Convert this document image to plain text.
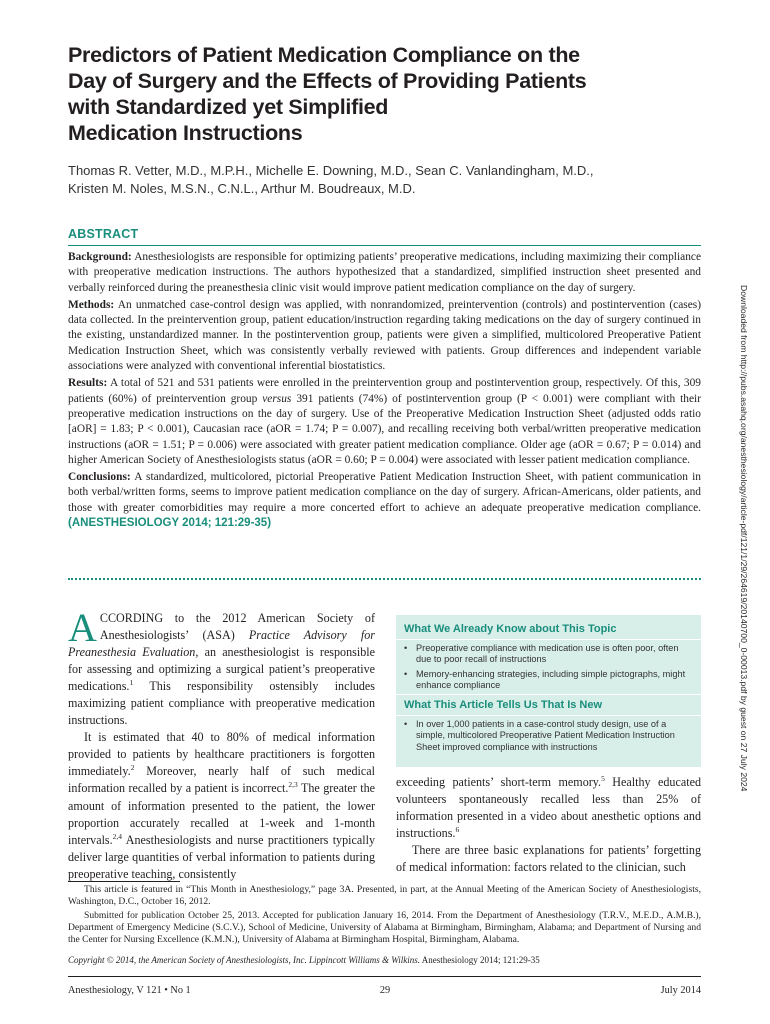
Predictors of Patient Medication Compliance on the
Day of Surgery and the Effects of Providing Patients
with Standardized yet Simplified
Medication Instructions
Thomas R. Vetter, M.D., M.P.H., Michelle E. Downing, M.D., Sean C. Vanlandingham, M.D.,
Kristen M. Noles, M.S.N., C.N.L., Arthur M. Boudreaux, M.D.
ABSTRACT

Background: Anesthesiologists are responsible for optimizing patients’ preoperative medications, including maximizing their compliance with preoperative medication instructions. The authors hypothesized that a standardized, simplified instruction sheet presented and verbally reinforced during the preanesthesia clinic visit would improve patient medication compliance on the day of surgery.

Methods: An unmatched case-control design was applied, with nonrandomized, preintervention (controls) and postintervention (cases) data collected. In the preintervention group, patient education/instruction regarding taking medications on the day of surgery continued in the existing, unstandardized manner. In the postintervention group, patients were given a simplified, multicolored Preoperative Patient Medication Instruction Sheet, which was consistently verbally reviewed with patients. Group differences and independent variable associations were analyzed with conventional inferential biostatistics.

Results: A total of 521 and 531 patients were enrolled in the preintervention group and postintervention group, respectively. Of this, 309 patients (60%) of preintervention group versus 391 patients (74%) of postintervention group (P < 0.001) were compliant with their preoperative medication instructions on the day of surgery. Use of the Preoperative Medication Instruction Sheet (adjusted odds ratio [aOR] = 1.83; P < 0.001), Caucasian race (aOR = 1.74; P = 0.007), and recalling receiving both verbal/written preoperative medication instructions (aOR = 1.51; P = 0.006) were associated with greater patient medication compliance. Older age (aOR = 0.67; P = 0.014) and higher American Society of Anesthesiologists status (aOR = 0.60; P = 0.004) were associated with lesser patient medication compliance.

Conclusions: A standardized, multicolored, pictorial Preoperative Patient Medication Instruction Sheet, with patient communication in both verbal/written forms, seems to improve patient medication compliance on the day of surgery. African-Americans, older patients, and those with greater comorbidities may require a more concerted effort to achieve an adequate preoperative medication compliance. (ANESTHESIOLOGY 2014; 121:29-35)	Downloaded from http://pubs.asahq.org/anesthesiology/article-pdf/121/1/29/264619/20140700_0-00013.pdf by guest on 27 July 2024

ACCORDING to the 2012 American Society of Anesthesiologists’ (ASA) Practice Advisory for Preanesthesia Evaluation, an anesthesiologist is responsible for assessing and optimizing a surgical patient’s preoperative medications.$^1$ This responsibility ostensibly includes maximizing patient compliance with preoperative medication instructions.

It is estimated that 40 to 80% of medical information provided to patients by healthcare practitioners is forgotten immediately.$^2$ Moreover, nearly half of such medical information recalled by a patient is incorrect.$^{2,3}$ The greater the amount of information presented to the patient, the lower proportion accurately recalled at 1-week and 1-month intervals.$^{2,4}$ Anesthesiologists and nurse practitioners typically deliver large quantities of verbal information to patients during preoperative teaching, consistently

What We Already Know about This Topic
• Preoperative compliance with medication use is often poor, often due to poor recall of instructions
• Memory-enhancing strategies, including simple pictographs, might enhance compliance
What This Article Tells Us That Is New
• In over 1,000 patients in a case-control study design, use of a simple, multicolored Preoperative Patient Medication Instruction Sheet improved compliance with instructions

exceeding patients’ short-term memory.$^5$ Healthy educated volunteers spontaneously recalled less than 25% of information presented in a video about anesthetic options and instructions.$^6$

There are three basic explanations for patients’ forgetting of medical information: factors related to the clinician, such

This article is featured in “This Month in Anesthesiology,” page 3A. Presented, in part, at the Annual Meeting of the American Society of Anesthesiologists, Washington, D.C., October 16, 2012.

Submitted for publication October 25, 2013. Accepted for publication January 16, 2014. From the Department of Anesthesiology (T.R.V., M.E.D., A.M.B.), Department of Emergency Medicine (S.C.V.), School of Medicine, University of Alabama at Birmingham, Birmingham, Alabama; and Department of Nursing and the Center for Nursing Excellence (K.M.N.), University of Alabama at Birmingham Hospital, Birmingham, Alabama.

Copyright © 2014, the American Society of Anesthesiologists, Inc. Lippincott Williams & Wilkins. Anesthesiology 2014; 121:29-35
Anesthesiology, V 121 • No 1	29	July 2014
